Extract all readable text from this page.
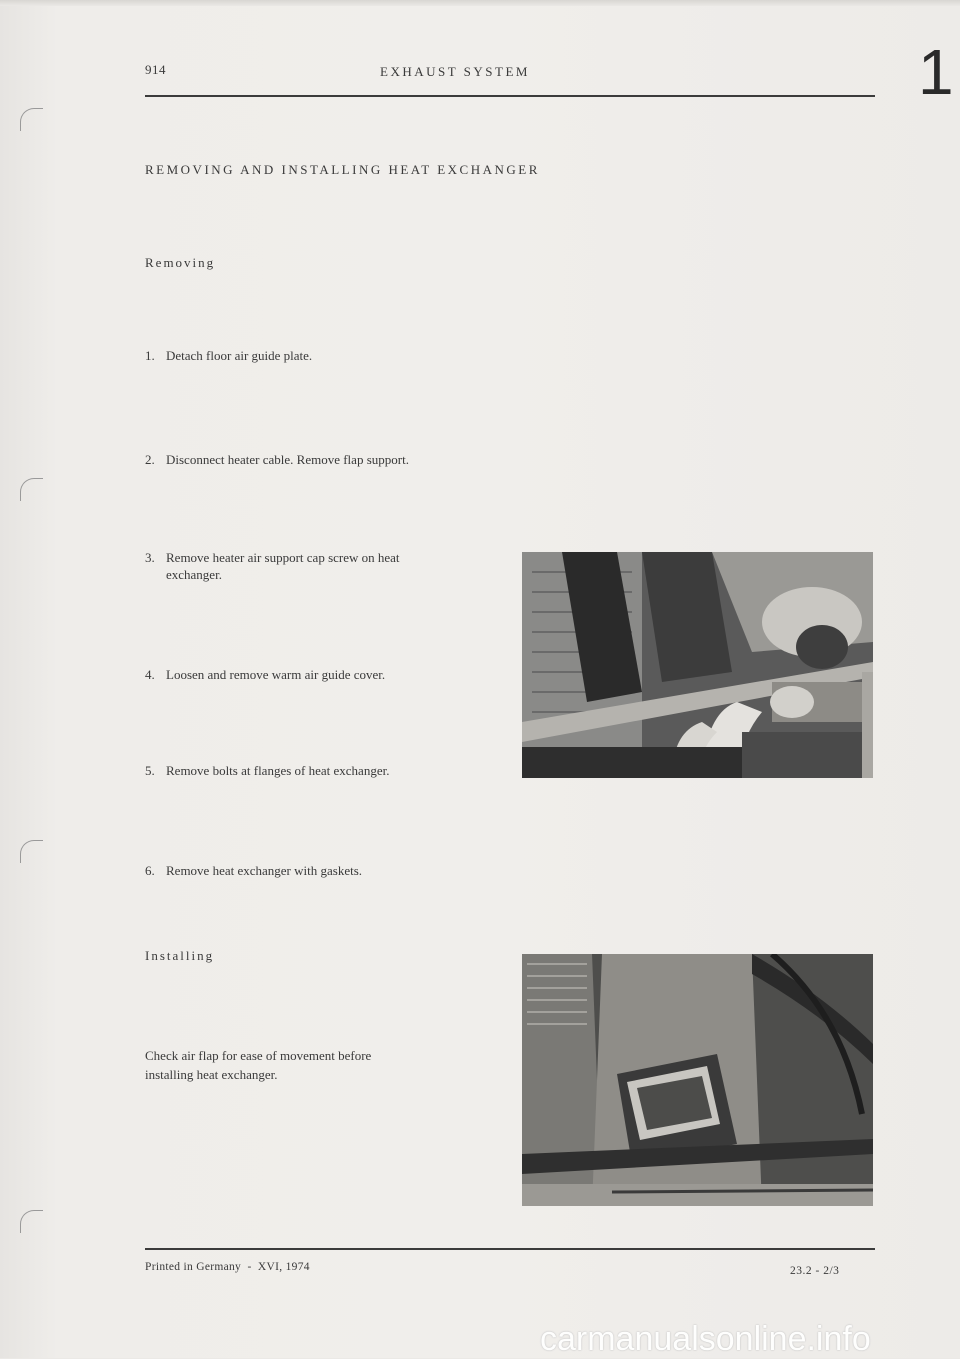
914	EXHAUST SYSTEM	1
REMOVING AND INSTALLING HEAT EXCHANGER
Removing
1. Detach floor air guide plate.
2. Disconnect heater cable. Remove flap support.
3. Remove heater air support cap screw on heat
exchanger.
4. Loosen and remove warm air guide cover.
5. Remove bolts at flanges of heat exchanger.
6. Remove heat exchanger with gaskets.
Installing
Check air flap for ease of movement before
installing heat exchanger.
Printed in Germany  -  XVI, 1974	23.2 - 2/3
carmanualsonline.info
